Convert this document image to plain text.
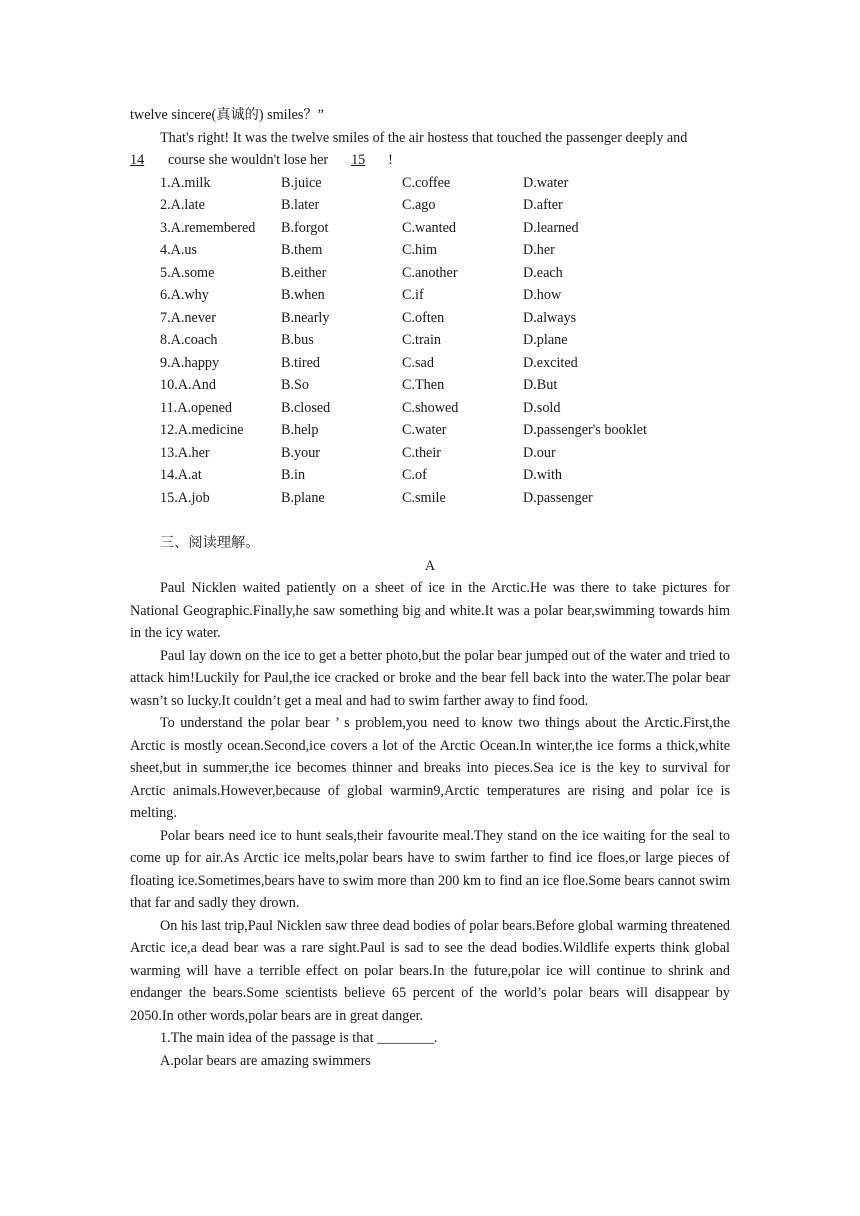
twelve sincere(真诚的) smiles？”
That's right! It was the twelve smiles of the air hostess that touched the passenger deeply and
14 course she wouldn't lose her 15 !
1.A.milk	B.juice	C.coffee	D.water
2.A.late	B.later	C.ago	D.after
3.A.remembered	B.forgot	C.wanted	D.learned
4.A.us	B.them	C.him	D.her
5.A.some	B.either	C.another	D.each
6.A.why	B.when	C.if	D.how
7.A.never	B.nearly	C.often	D.always
8.A.coach	B.bus	C.train	D.plane
9.A.happy	B.tired	C.sad	D.excited
10.A.And	B.So	C.Then	D.But
11.A.opened	B.closed	C.showed	D.sold
12.A.medicine	B.help	C.water	D.passenger's booklet
13.A.her	B.your	C.their	D.our
14.A.at	B.in	C.of	D.with
15.A.job	B.plane	C.smile	D.passenger
三、阅读理解。
A

Paul Nicklen waited patiently on a sheet of ice in the Arctic.He was there to take pictures for National Geographic.Finally,he saw something big and white.It was a polar bear,swimming towards him in the icy water.

Paul lay down on the ice to get a better photo,but the polar bear jumped out of the water and tried to attack him!Luckily for Paul,the ice cracked or broke and the bear fell back into the water.The polar bear wasn’t so lucky.It couldn’t get a meal and had to swim farther away to find food.

To understand the polar bear ’ s problem,you need to know two things about the Arctic.First,the Arctic is mostly ocean.Second,ice covers a lot of the Arctic Ocean.In winter,the ice forms a thick,white sheet,but in summer,the ice becomes thinner and breaks into pieces.Sea ice is the key to survival for Arctic animals.However,because of global warmin9,Arctic temperatures are rising and polar ice is melting.

Polar bears need ice to hunt seals,their favourite meal.They stand on the ice waiting for the seal to come up for air.As Arctic ice melts,polar bears have to swim farther to find ice floes,or large pieces of floating ice.Sometimes,bears have to swim more than 200 km to find an ice floe.Some bears cannot swim that far and sadly they drown.

On his last trip,Paul Nicklen saw three dead bodies of polar bears.Before global warming threatened Arctic ice,a dead bear was a rare sight.Paul is sad to see the dead bodies.Wildlife experts think global warming will have a terrible effect on polar bears.In the future,polar ice will continue to shrink and endanger the bears.Some scientists believe 65 percent of the world’s polar bears will disappear by 2050.In other words,polar bears are in great danger.

1.The main idea of the passage is that ________.
A.polar bears are amazing swimmers
